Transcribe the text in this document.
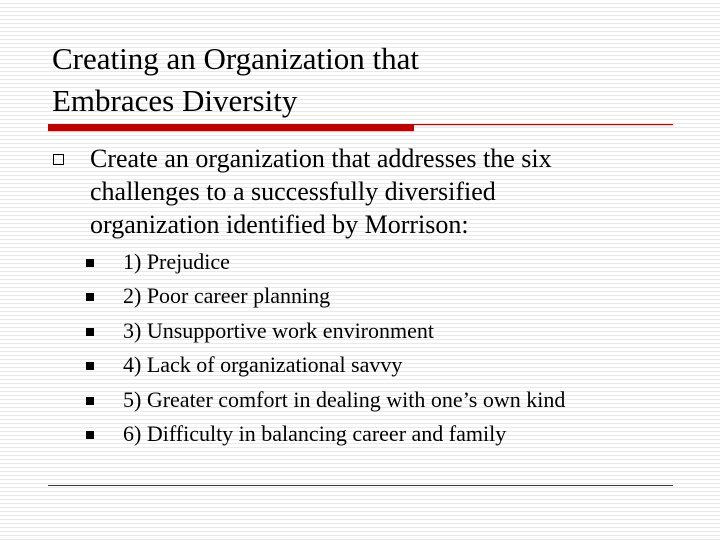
Creating an Organization that
Embraces Diversity
Create an organization that addresses the six
challenges to a successfully diversified
organization identified by Morrison:
1) Prejudice
2) Poor career planning
3) Unsupportive work environment
4) Lack of organizational savvy
5) Greater comfort in dealing with one’s own kind
6) Difficulty in balancing career and family
